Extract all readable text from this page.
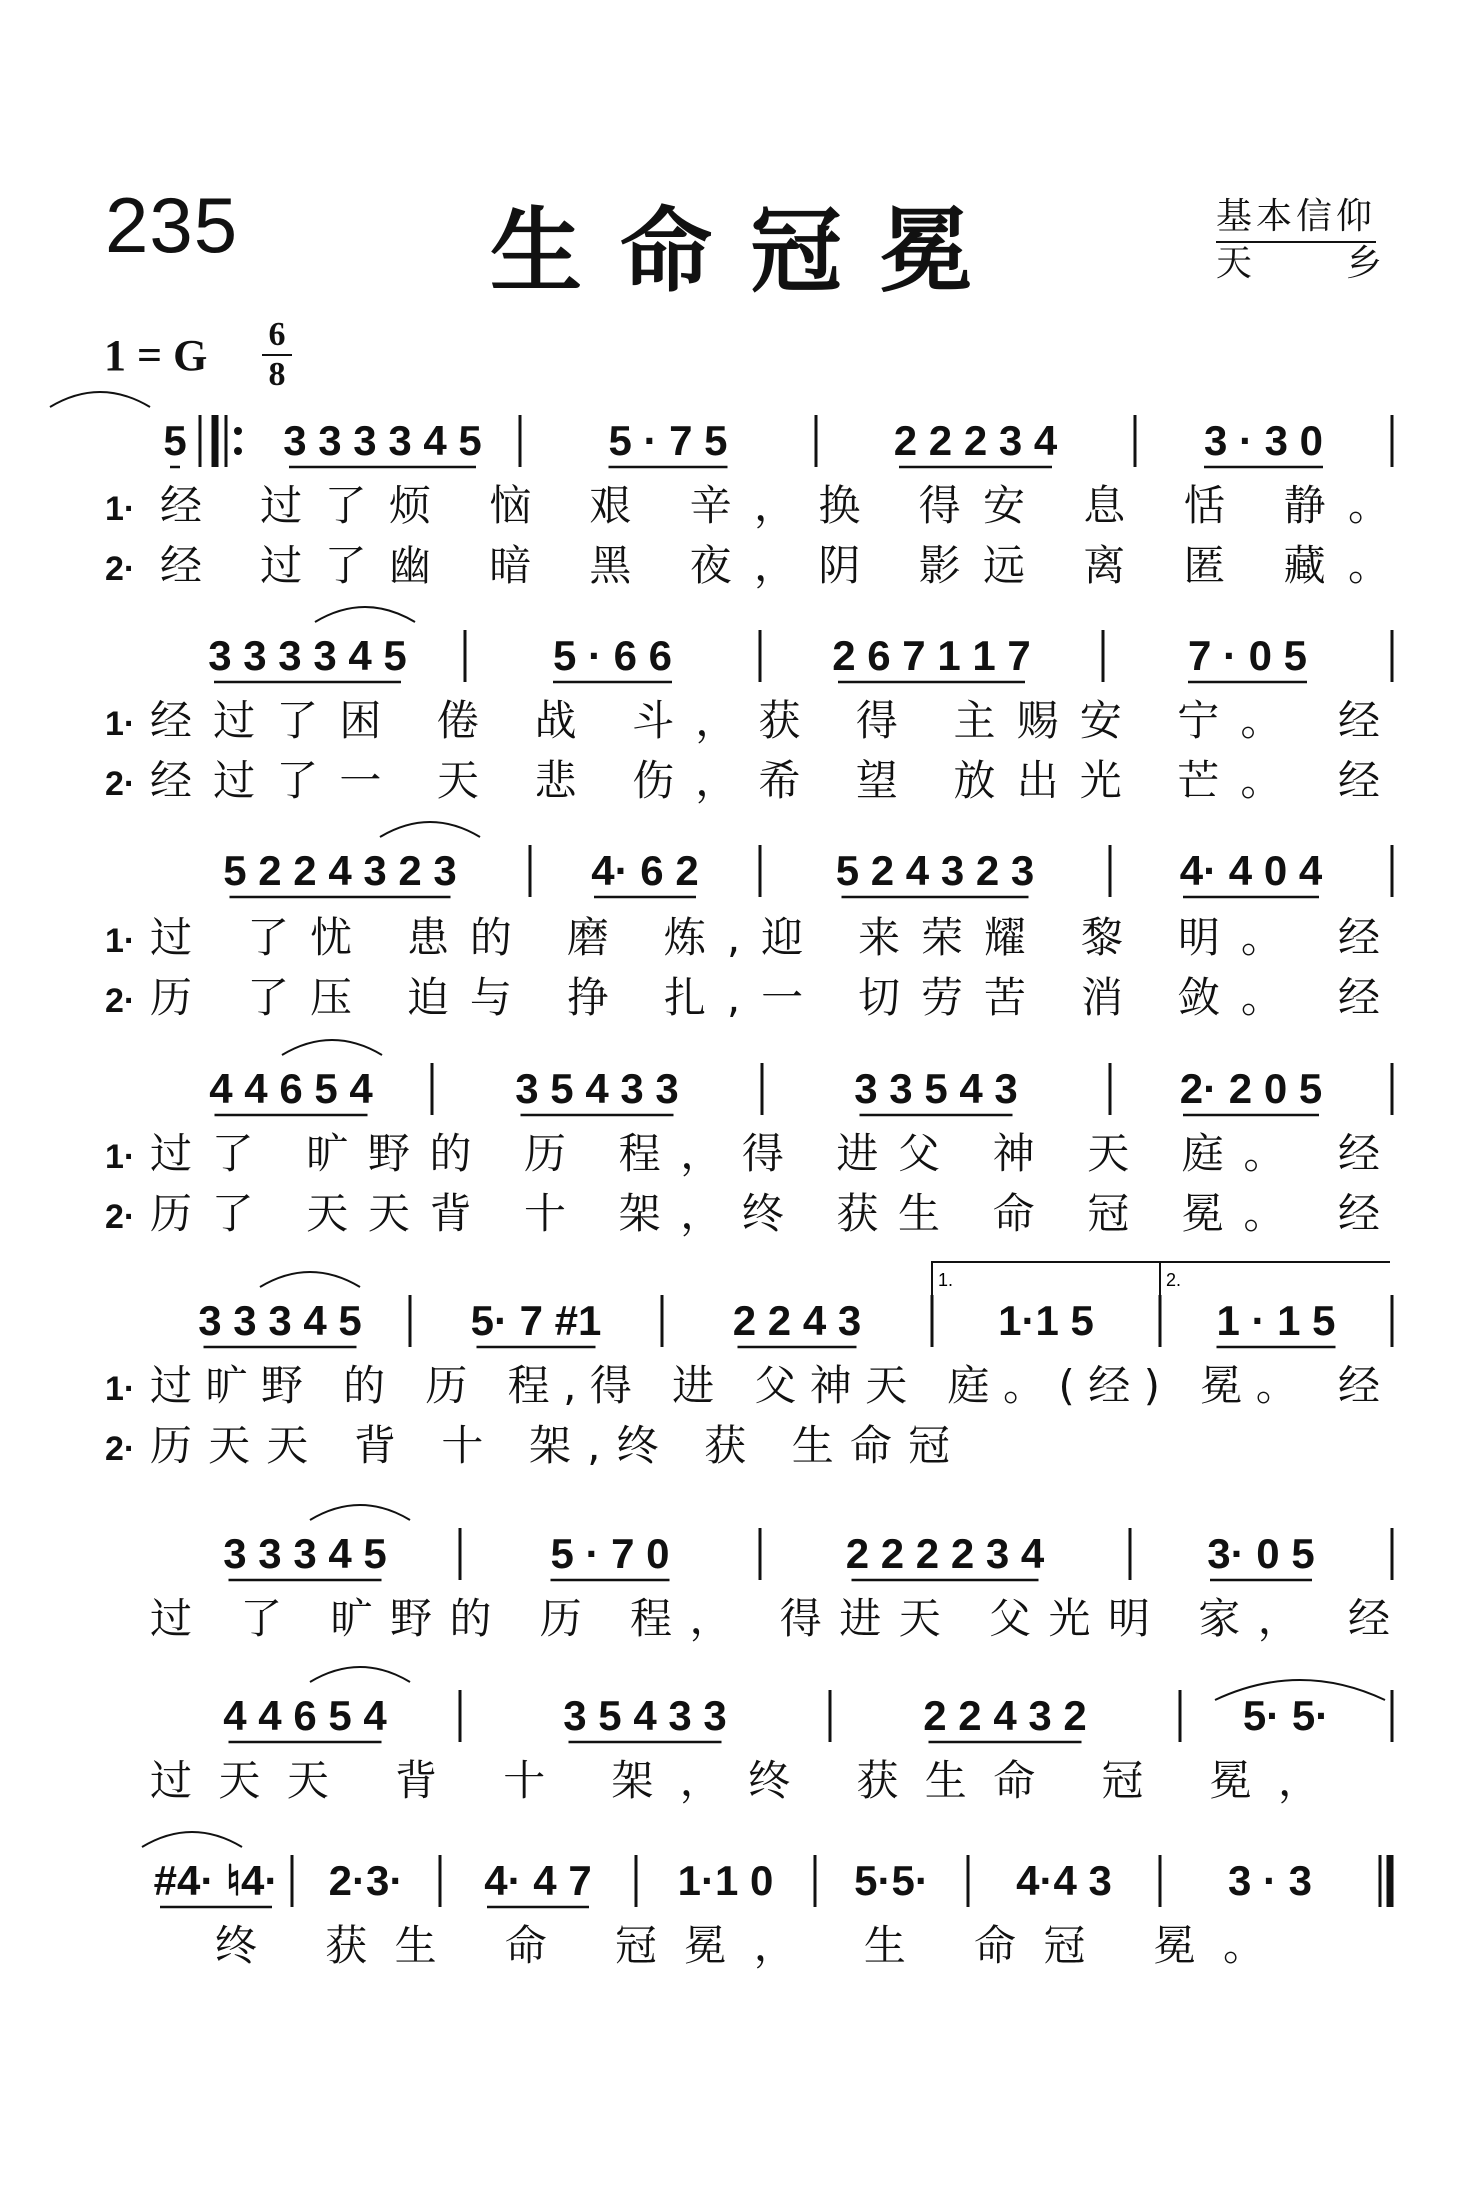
235	生命冠冕	基本信仰
天	乡
1 = G 6
8
5 3 3 3 3 4 5	5 · 7 5	2 2 2 3 4	3 · 3 0
1· 经 过了烦 恼 艰 辛，换 得安 息 恬 静。
2· 经 过了幽 暗 黑 夜，阴 影远 离 匿 藏。
3 3 3 3 4 5	5 · 6 6	2 6 7 1 1 7	7 · 0 5
1· 经过了困 倦 战 斗，获 得 主赐安 宁。 经
2· 经过了一 天 悲 伤，希 望 放出光 芒。 经
5 2 2 4 3 2 3	4· 6 2	5 2 4 3 2 3	4· 4 0 4
1· 过 了忧 患的 磨 炼,迎 来荣耀 黎 明。 经
2· 历 了压 迫与 挣 扎,一 切劳苦 消 敛。 经
4 4 6 5 4	3 5 4 3 3	3 3 5 4 3	2· 2 0 5
1· 过了 旷野的 历 程，得 进父 神 天 庭。 经
2· 历了 天天背 十 架，终 获生 命 冠 冕。 经
1.	2.
3 3 3 4 5	5· 7 #1	2 2 4 3	1·1 5	1 · 1 5
1· 过旷野 的 历 程,得 进 父神天 庭。(经) 冕。 经
2· 历天天 背 十 架,终 获 生命冠
3 3 3 4 5	5 · 7 0	2 2 2 2 3 4	3· 0 5
过 了 旷野的 历 程， 得进天 父光明 家， 经
4 4 6 5 4	3 5 4 3 3	2 2 4 3 2	5· 5·
过天天 背 十 架，终 获生命 冠 冕，
#4· ♮4· 2·3· 4· 4 7 1·1 0 5·5· 4·4 3	3 · 3
终 获生 命 冠冕， 生 命冠 冕。
